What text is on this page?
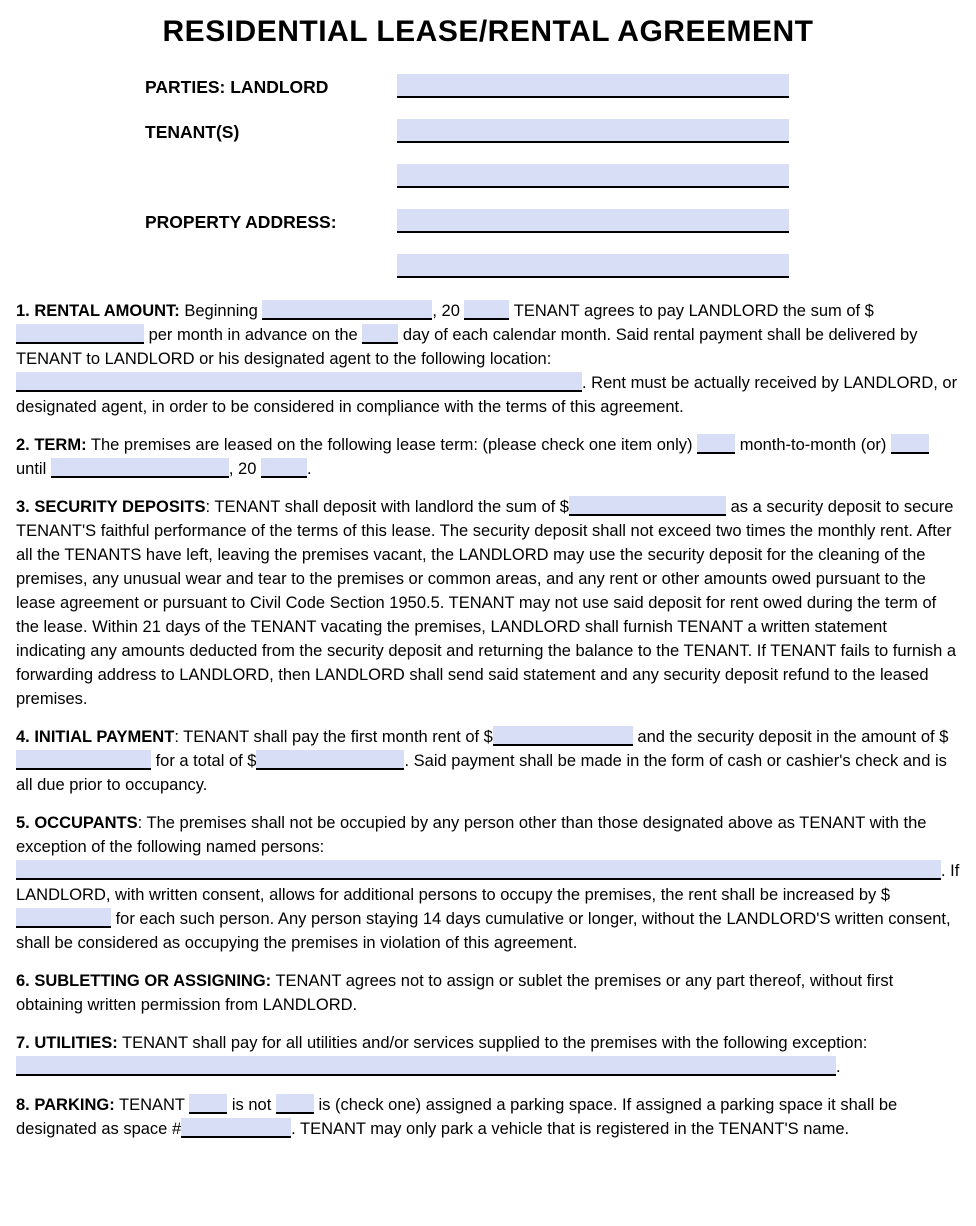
RESIDENTIAL LEASE/RENTAL AGREEMENT
PARTIES: LANDLORD
TENANT(S)
PROPERTY ADDRESS:

1. RENTAL AMOUNT: Beginning	, 20	TENANT agrees to pay LANDLORD the sum of $ per month in advance on the  day of each calendar month. Said rental payment shall be delivered by TENANT to LANDLORD or his designated agent to the following location: . Rent must be actually received by LANDLORD, or designated agent, in order to be considered in compliance with the terms of this agreement.

2. TERM: The premises are leased on the following lease term: (please check one item only)  month-to-month (or)  until	, 20	.

3. SECURITY DEPOSITS: TENANT shall deposit with landlord the sum of $	as a security deposit to secure TENANT'S faithful performance of the terms of this lease. The security deposit shall not exceed two times the monthly rent. After all the TENANTS have left, leaving the premises vacant, the LANDLORD may use the security deposit for the cleaning of the premises, any unusual wear and tear to the premises or common areas, and any rent or other amounts owed pursuant to the lease agreement or pursuant to Civil Code Section 1950.5. TENANT may not use said deposit for rent owed during the term of the lease. Within 21 days of the TENANT vacating the premises, LANDLORD shall furnish TENANT a written statement indicating any amounts deducted from the security deposit and returning the balance to the TENANT. If TENANT fails to furnish a forwarding address to LANDLORD, then LANDLORD shall send said statement and any security deposit refund to the leased premises.

4. INITIAL PAYMENT: TENANT shall pay the first month rent of $	and the security deposit in the amount of $ for a total of $	. Said payment shall be made in the form of cash or cashier's check and is all due prior to occupancy.

5. OCCUPANTS: The premises shall not be occupied by any person other than those designated above as TENANT with the exception of the following named persons: . If LANDLORD, with written consent, allows for additional persons to occupy the premises, the rent shall be increased by $  for each such person. Any person staying 14 days cumulative or longer, without the LANDLORD'S written consent, shall be considered as occupying the premises in violation of this agreement.

6. SUBLETTING OR ASSIGNING: TENANT agrees not to assign or sublet the premises or any part thereof, without first obtaining written permission from LANDLORD.

7. UTILITIES: TENANT shall pay for all utilities and/or services supplied to the premises with the following exception: .

8. PARKING: TENANT  is not  is (check one) assigned a parking space. If assigned a parking space it shall be designated as space #	. TENANT may only park a vehicle that is registered in the TENANT'S name.
